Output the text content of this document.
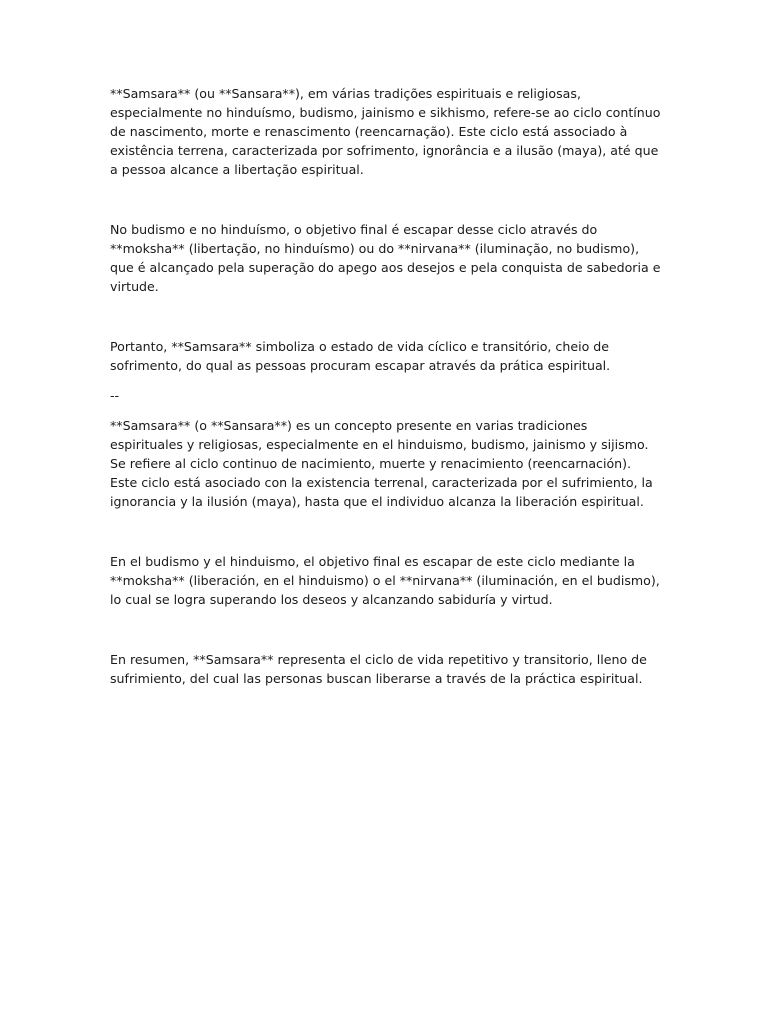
**Samsara** (ou **Sansara**), em várias tradições espirituais e religiosas, especialmente no hinduísmo, budismo, jainismo e sikhismo, refere-se ao ciclo contínuo de nascimento, morte e renascimento (reencarnação). Este ciclo está associado à existência terrena, caracterizada por sofrimento, ignorância e a ilusão (maya), até que a pessoa alcance a libertação espiritual.

No budismo e no hinduísmo, o objetivo final é escapar desse ciclo através do **moksha** (libertação, no hinduísmo) ou do **nirvana** (iluminação, no budismo), que é alcançado pela superação do apego aos desejos e pela conquista de sabedoria e virtude.

Portanto, **Samsara** simboliza o estado de vida cíclico e transitório, cheio de sofrimento, do qual as pessoas procuram escapar através da prática espiritual.

--

**Samsara** (o **Sansara**) es un concepto presente en varias tradiciones espirituales y religiosas, especialmente en el hinduismo, budismo, jainismo y sijismo. Se refiere al ciclo continuo de nacimiento, muerte y renacimiento (reencarnación). Este ciclo está asociado con la existencia terrenal, caracterizada por el sufrimiento, la ignorancia y la ilusión (maya), hasta que el individuo alcanza la liberación espiritual.

En el budismo y el hinduismo, el objetivo final es escapar de este ciclo mediante la **moksha** (liberación, en el hinduismo) o el **nirvana** (iluminación, en el budismo), lo cual se logra superando los deseos y alcanzando sabiduría y virtud.

En resumen, **Samsara** representa el ciclo de vida repetitivo y transitorio, lleno de sufrimiento, del cual las personas buscan liberarse a través de la práctica espiritual.
